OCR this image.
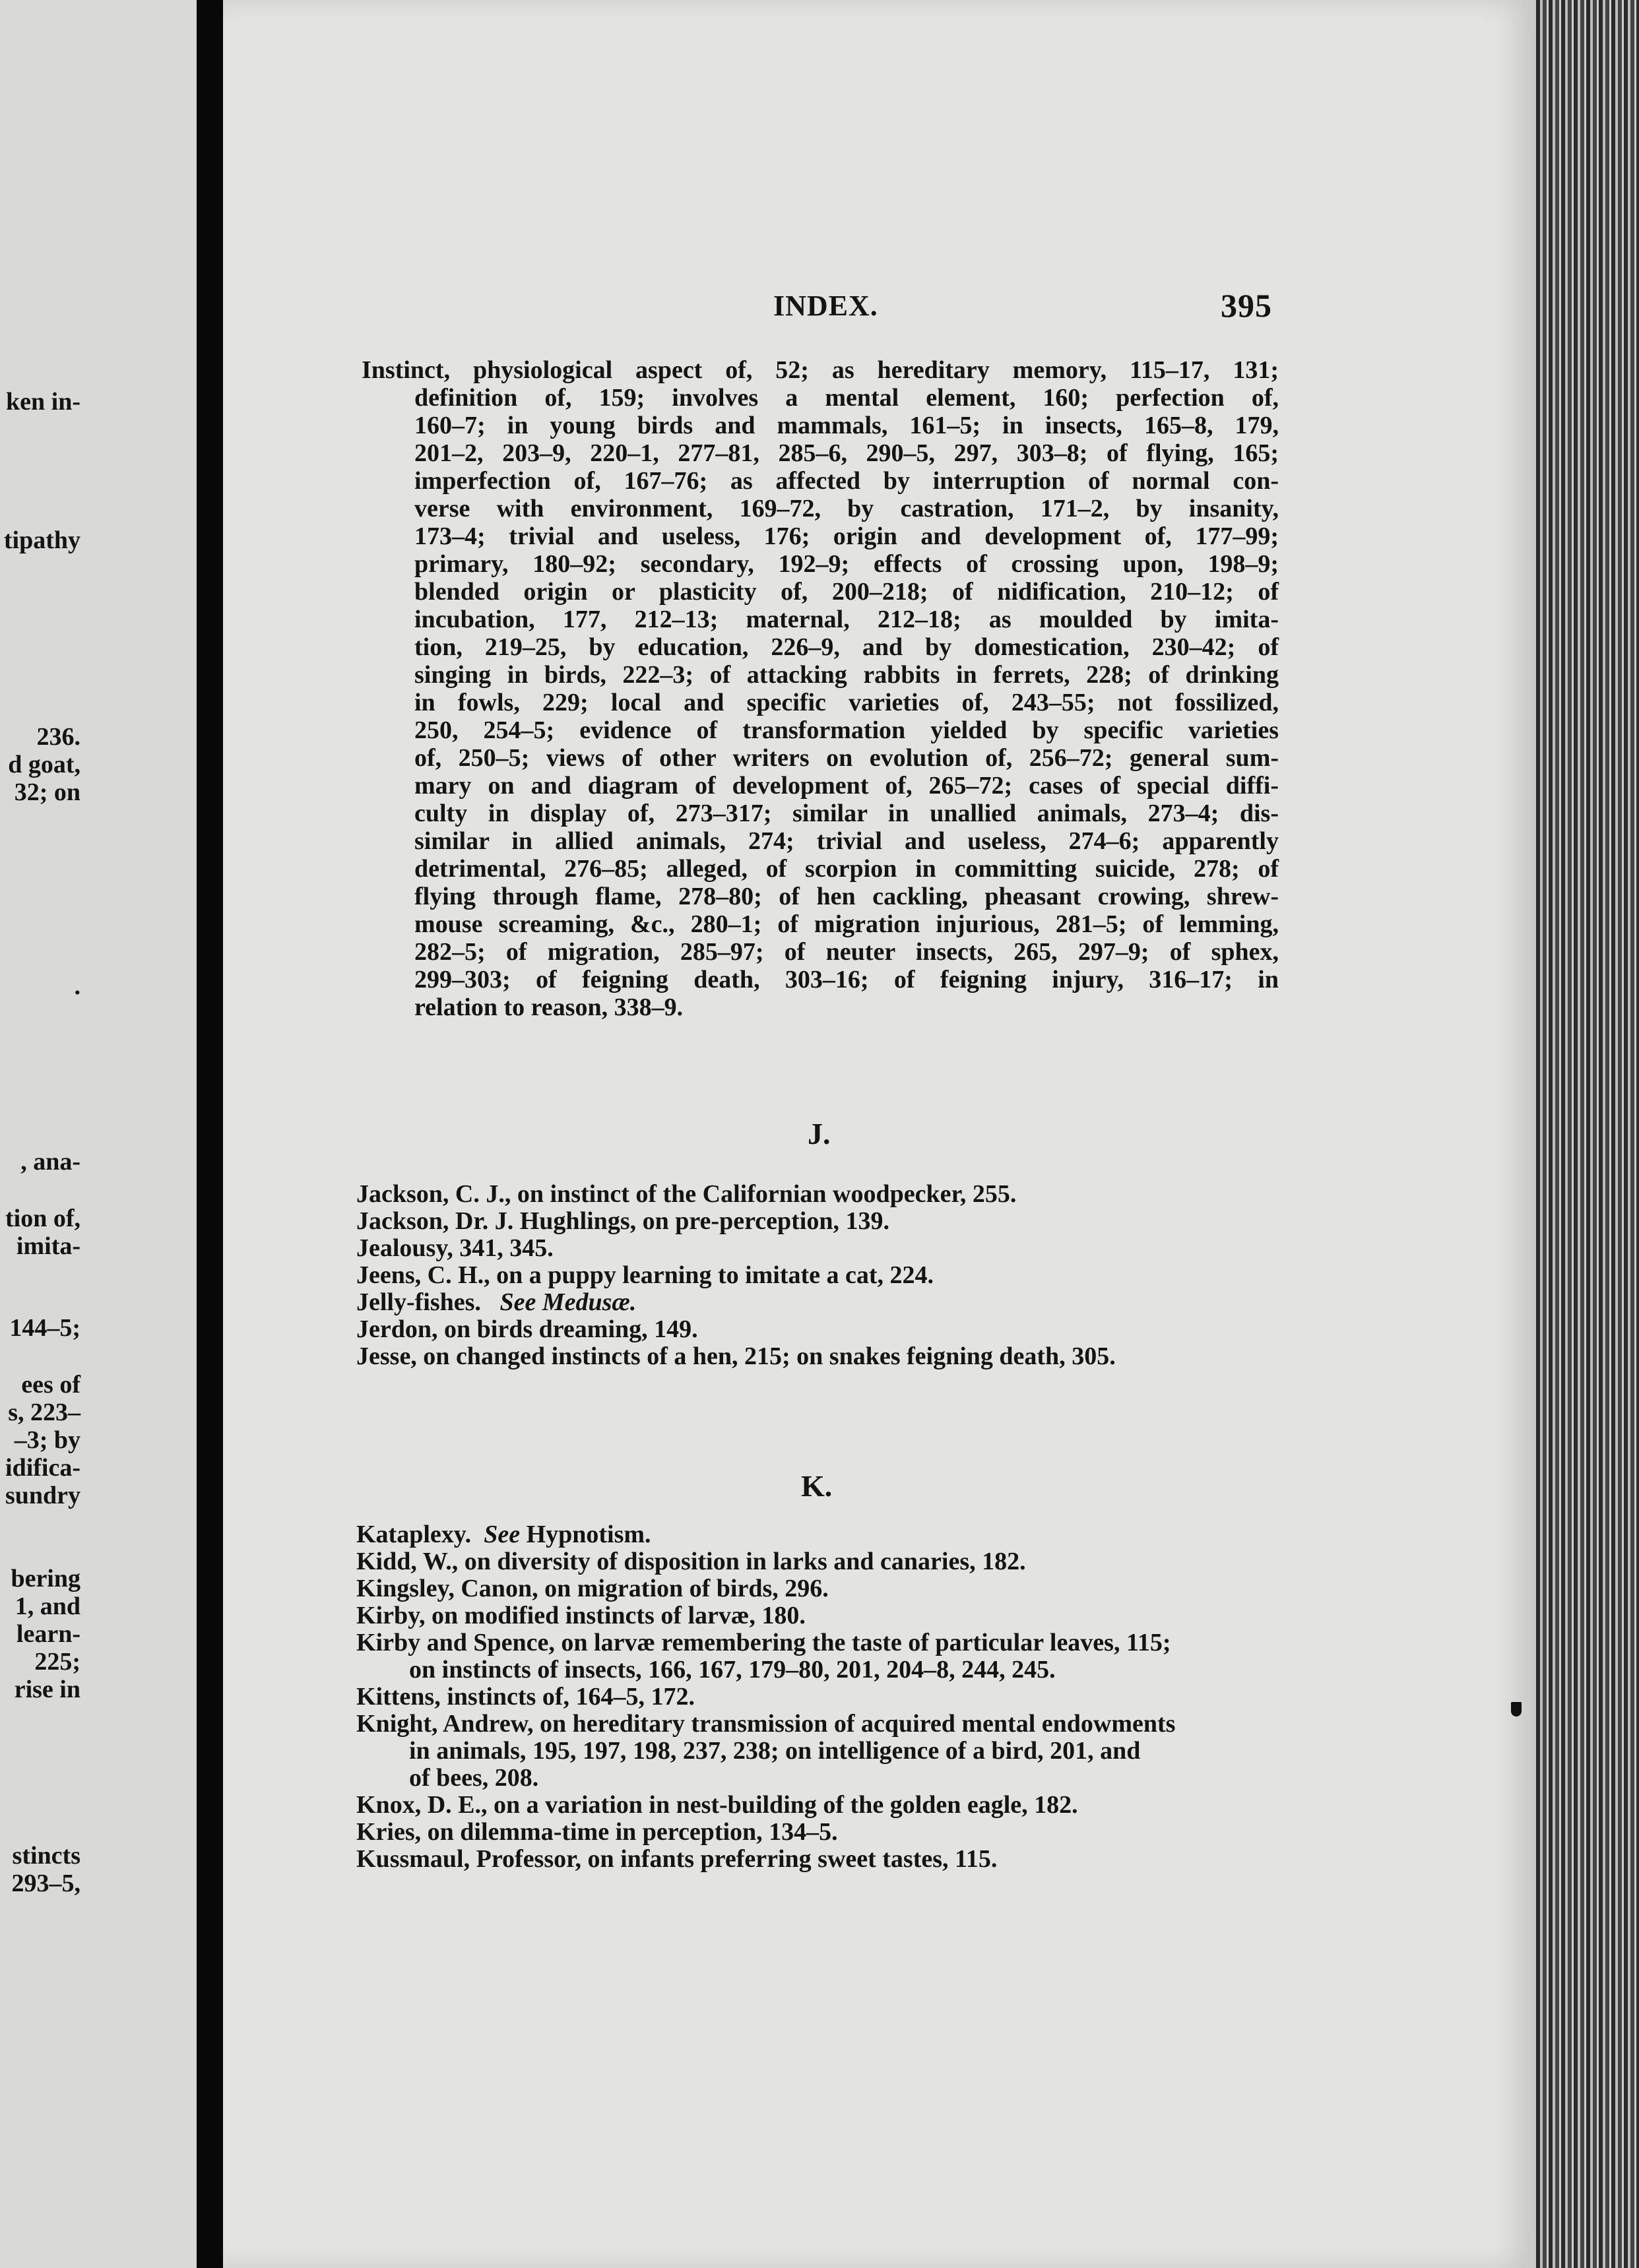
ken in-
tipathy
236.
d goat,
32; on
.
, ana-
tion of,
imita-
144–5;
ees of
s, 223–
–3; by
idifica-
sundry
bering
1, and
learn-
225;
rise in
stincts
293–5,
INDEX.	395
Instinct, physiological aspect of, 52; as hereditary memory, 115–17, 131;
definition of, 159; involves a mental element, 160; perfection of,
160–7; in young birds and mammals, 161–5; in insects, 165–8, 179,
201–2, 203–9, 220–1, 277–81, 285–6, 290–5, 297, 303–8; of flying, 165;
imperfection of, 167–76; as affected by interruption of normal con-
verse with environment, 169–72, by castration, 171–2, by insanity,
173–4; trivial and useless, 176; origin and development of, 177–99;
primary, 180–92; secondary, 192–9; effects of crossing upon, 198–9;
blended origin or plasticity of, 200–218; of nidification, 210–12; of
incubation, 177, 212–13; maternal, 212–18; as moulded by imita-
tion, 219–25, by education, 226–9, and by domestication, 230–42; of
singing in birds, 222–3; of attacking rabbits in ferrets, 228; of drinking
in fowls, 229; local and specific varieties of, 243–55; not fossilized,
250, 254–5; evidence of transformation yielded by specific varieties
of, 250–5; views of other writers on evolution of, 256–72; general sum-
mary on and diagram of development of, 265–72; cases of special diffi-
culty in display of, 273–317; similar in unallied animals, 273–4; dis-
similar in allied animals, 274; trivial and useless, 274–6; apparently
detrimental, 276–85; alleged, of scorpion in committing suicide, 278; of
flying through flame, 278–80; of hen cackling, pheasant crowing, shrew-
mouse screaming, &c., 280–1; of migration injurious, 281–5; of lemming,
282–5; of migration, 285–97; of neuter insects, 265, 297–9; of sphex,
299–303; of feigning death, 303–16; of feigning injury, 316–17; in
relation to reason, 338–9.
J.
Jackson, C. J., on instinct of the Californian woodpecker, 255.
Jackson, Dr. J. Hughlings, on pre-perception, 139.
Jealousy, 341, 345.
Jeens, C. H., on a puppy learning to imitate a cat, 224.
Jelly-fishes. See Medusæ.
Jerdon, on birds dreaming, 149.
Jesse, on changed instincts of a hen, 215; on snakes feigning death, 305.
K.
Kataplexy. See Hypnotism.
Kidd, W., on diversity of disposition in larks and canaries, 182.
Kingsley, Canon, on migration of birds, 296.
Kirby, on modified instincts of larvæ, 180.
Kirby and Spence, on larvæ remembering the taste of particular leaves, 115;
on instincts of insects, 166, 167, 179–80, 201, 204–8, 244, 245.
Kittens, instincts of, 164–5, 172.
Knight, Andrew, on hereditary transmission of acquired mental endowments
in animals, 195, 197, 198, 237, 238; on intelligence of a bird, 201, and
of bees, 208.
Knox, D. E., on a variation in nest-building of the golden eagle, 182.
Kries, on dilemma-time in perception, 134–5.
Kussmaul, Professor, on infants preferring sweet tastes, 115.
